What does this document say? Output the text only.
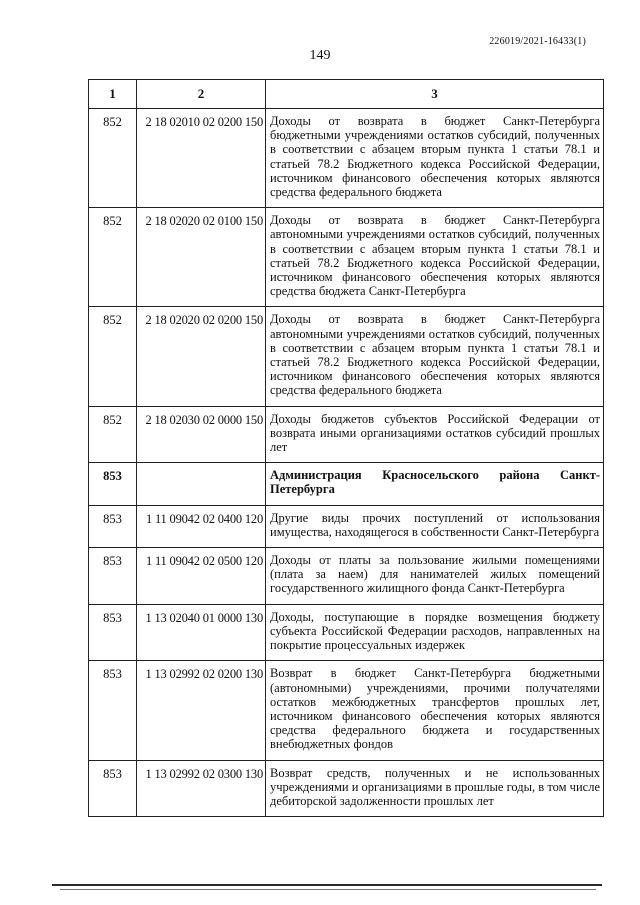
226019/2021-16433(1)
149
1	2	3
852	2 18 02010 02 0200 150	Доходы от возврата в бюджет Санкт-Петербурга бюджетными учреждениями остатков субсидий, полученных в соответствии с абзацем вторым пункта 1 статьи 78.1 и статьей 78.2 Бюджетного кодекса Российской Федерации, источником финансового обеспечения которых являются средства федерального бюджета
852	2 18 02020 02 0100 150	Доходы от возврата в бюджет Санкт-Петербурга автономными учреждениями остатков субсидий, полученных в соответствии с абзацем вторым пункта 1 статьи 78.1 и статьей 78.2 Бюджетного кодекса Российской Федерации, источником финансового обеспечения которых являются средства бюджета Санкт-Петербурга
852	2 18 02020 02 0200 150	Доходы от возврата в бюджет Санкт-Петербурга автономными учреждениями остатков субсидий, полученных в соответствии с абзацем вторым пункта 1 статьи 78.1 и статьей 78.2 Бюджетного кодекса Российской Федерации, источником финансового обеспечения которых являются средства федерального бюджета
852	2 18 02030 02 0000 150	Доходы бюджетов субъектов Российской Федерации от возврата иными организациями остатков субсидий прошлых лет
853		Администрация Красносельского района Санкт-Петербурга
853	1 11 09042 02 0400 120	Другие виды прочих поступлений от использования имущества, находящегося в собственности Санкт-Петербурга
853	1 11 09042 02 0500 120	Доходы от платы за пользование жилыми помещениями (плата за наем) для нанимателей жилых помещений государственного жилищного фонда Санкт-Петербурга
853	1 13 02040 01 0000 130	Доходы, поступающие в порядке возмещения бюджету субъекта Российской Федерации расходов, направленных на покрытие процессуальных издержек
853	1 13 02992 02 0200 130	Возврат в бюджет Санкт-Петербурга бюджетными (автономными) учреждениями, прочими получателями остатков межбюджетных трансфертов прошлых лет, источником финансового обеспечения которых являются средства федерального бюджета и государственных внебюджетных фондов
853	1 13 02992 02 0300 130	Возврат средств, полученных и не использованных учреждениями и организациями в прошлые годы, в том числе дебиторской задолженности прошлых лет
